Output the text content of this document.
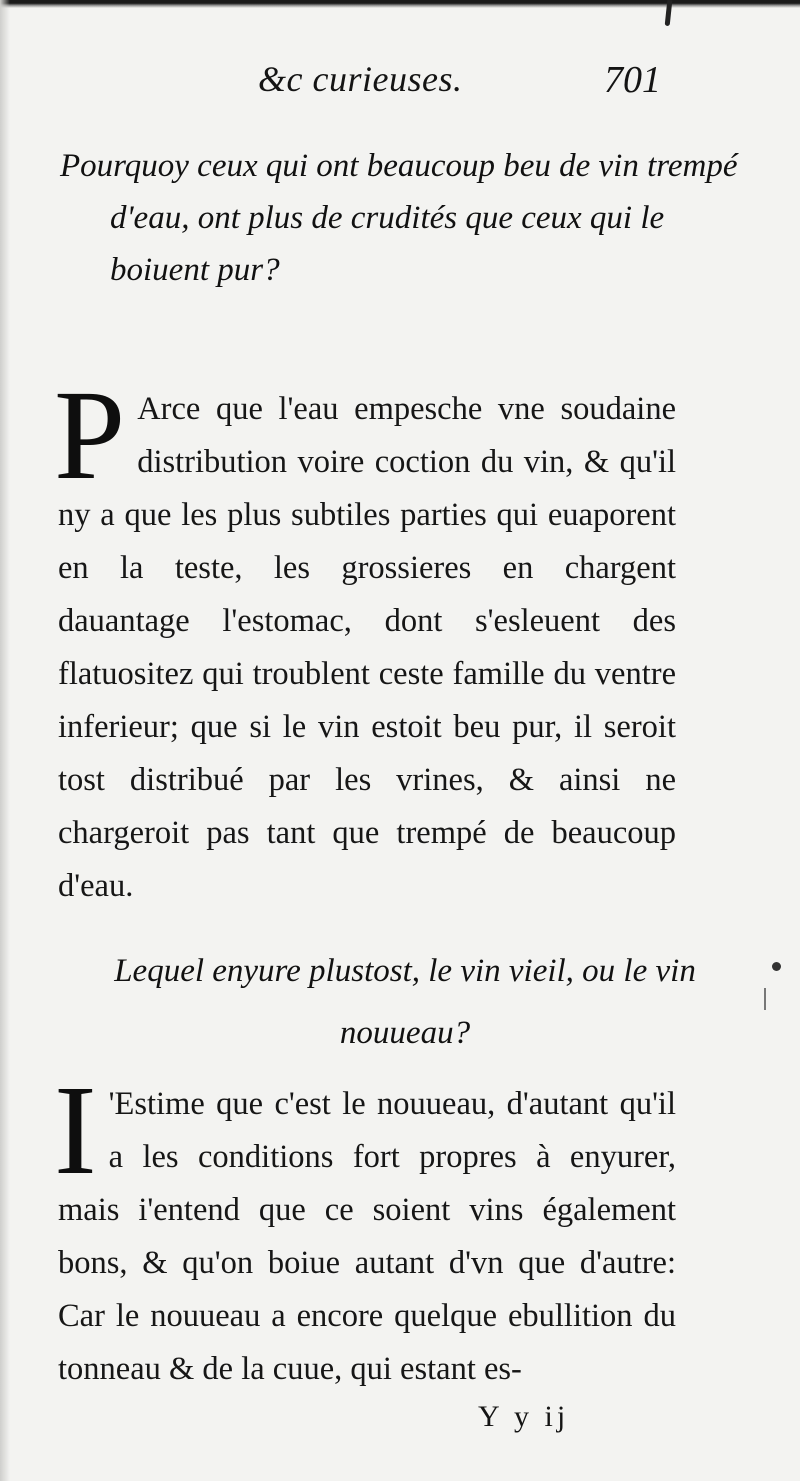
&c curieuses.	701
Pourquoy ceux qui ont beaucoup beu de vin trempé d'eau, ont plus de crudités que ceux qui le boiuent pur?

P Arce que l'eau empesche vne soudaine distribution voire coction du vin, & qu'il ny a que les plus subtiles parties qui euaporent en la teste, les grossieres en chargent dauantage l'estomac, dont s'esleuent des flatuositez qui troublent ceste famille du ventre inferieur; que si le vin estoit beu pur, il seroit tost distribué par les vrines, & ainsi ne chargeroit pas tant que trempé de beaucoup d'eau.

Lequel enyure plustost, le vin vieil, ou le vin nouueau?

I 'Estime que c'est le nouueau, d'autant qu'il a les conditions fort propres à enyurer, mais i'entend que ce soient vins également bons, & qu'on boiue autant d'vn que d'autre: Car le nouueau a encore quelque ebullition du tonneau & de la cuue, qui estant es-

Y y ij
